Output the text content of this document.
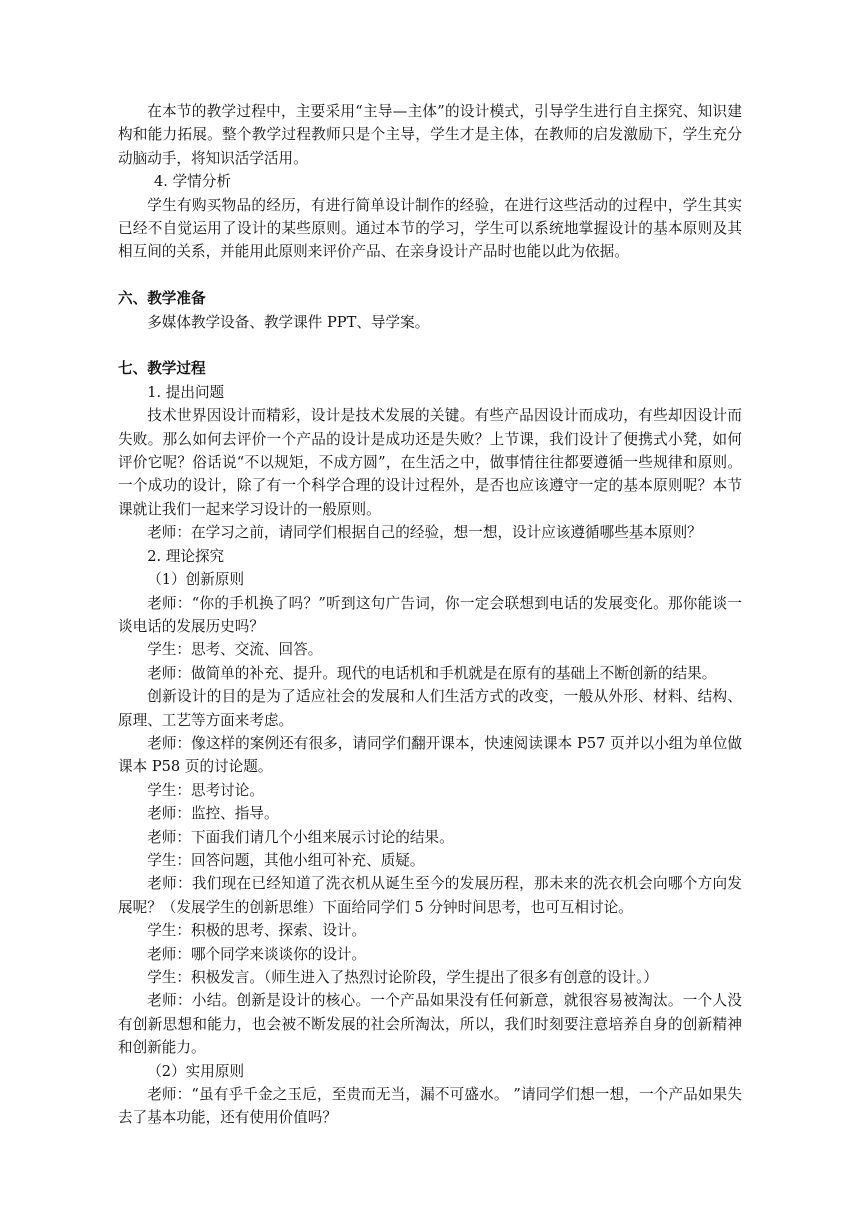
在本节的教学过程中，主要采用“主导—主体”的设计模式，引导学生进行自主探究、知识建构和能力拓展。整个教学过程教师只是个主导，学生才是主体，在教师的启发激励下，学生充分动脑动手，将知识活学活用。

4. 学情分析

学生有购买物品的经历，有进行简单设计制作的经验，在进行这些活动的过程中，学生其实已经不自觉运用了设计的某些原则。通过本节的学习，学生可以系统地掌握设计的基本原则及其相互间的关系，并能用此原则来评价产品、在亲身设计产品时也能以此为依据。

六、教学准备

多媒体教学设备、教学课件 PPT、导学案。

七、教学过程

1. 提出问题

技术世界因设计而精彩，设计是技术发展的关键。有些产品因设计而成功，有些却因设计而失败。那么如何去评价一个产品的设计是成功还是失败？上节课，我们设计了便携式小凳，如何评价它呢？俗话说“不以规矩，不成方圆”，在生活之中，做事情往往都要遵循一些规律和原则。一个成功的设计，除了有一个科学合理的设计过程外，是否也应该遵守一定的基本原则呢？本节课就让我们一起来学习设计的一般原则。

老师：在学习之前，请同学们根据自己的经验，想一想，设计应该遵循哪些基本原则？

2. 理论探究

（1）创新原则

老师：“你的手机换了吗？”听到这句广告词，你一定会联想到电话的发展变化。那你能谈一谈电话的发展历史吗？

学生：思考、交流、回答。

老师：做简单的补充、提升。现代的电话机和手机就是在原有的基础上不断创新的结果。

创新设计的目的是为了适应社会的发展和人们生活方式的改变，一般从外形、材料、结构、原理、工艺等方面来考虑。

老师：像这样的案例还有很多，请同学们翻开课本，快速阅读课本 P57 页并以小组为单位做课本 P58 页的讨论题。

学生：思考讨论。

老师：监控、指导。

老师：下面我们请几个小组来展示讨论的结果。

学生：回答问题，其他小组可补充、质疑。

老师：我们现在已经知道了洗衣机从诞生至今的发展历程，那未来的洗衣机会向哪个方向发展呢？（发展学生的创新思维）下面给同学们 5 分钟时间思考，也可互相讨论。

学生：积极的思考、探索、设计。

老师：哪个同学来谈谈你的设计。

学生：积极发言。（师生进入了热烈讨论阶段，学生提出了很多有创意的设计。）

老师：小结。创新是设计的核心。一个产品如果没有任何新意，就很容易被淘汰。一个人没有创新思想和能力，也会被不断发展的社会所淘汰，所以，我们时刻要注意培养自身的创新精神和创新能力。

（2）实用原则

老师：“虽有乎千金之玉卮，至贵而无当，漏不可盛水。 ”请同学们想一想，一个产品如果失去了基本功能，还有使用价值吗？
